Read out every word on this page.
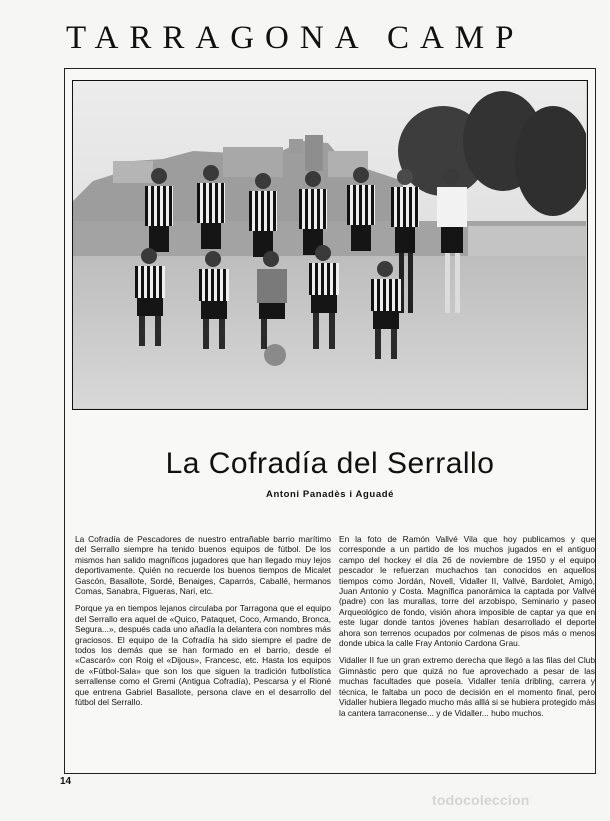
TARRAGONA CAMP
La Cofradía del Serrallo
Antoni Panadès i Aguadé

La Cofradía de Pescadores de nuestro entrañable barrio marítimo del Serrallo siempre ha tenido buenos equipos de fútbol. De los mismos han salido magníficos jugadores que han llegado muy lejos deportivamente. Quién no recuerde los buenos tiempos de Micalet Gascón, Basallote, Sordé, Benaiges, Caparrós, Caballé, hermanos Comas, Sanabra, Figueras, Nari, etc.

Porque ya en tiempos lejanos circulaba por Tarragona que el equipo del Serrallo era aquel de «Quico, Pataquet, Coco, Armando, Bronca, Segura...», después cada uno añadía la delantera con nombres más graciosos. El equipo de la Cofradía ha sido siempre el padre de todos los demás que se han formado en el barrio, desde el «Cascaró» con Roig el «Dijous», Francesc, etc. Hasta los equipos de «Fútbol-Sala» que son los que siguen la tradición futbolística serrallense como el Gremi (Antigua Cofradía), Pescarsa y el Rioné que entrena Gabriel Basallote, persona clave en el desarrollo del fútbol del Serrallo.

En la foto de Ramón Vallvé Vila que hoy publicamos y que corresponde a un partido de los muchos jugados en el antiguo campo del hockey el día 26 de noviembre de 1950 y el equipo pescador le refuerzan muchachos tan conocidos en aquellos tiempos como Jordán, Novell, Vidaller II, Vallvé, Bardolet, Amigó, Juan Antonio y Costa. Magnífica panorámica la captada por Vallvé (padre) con las murallas, torre del arzobispo, Seminario y paseo Arqueológico de fondo, visión ahora imposible de captar ya que en este lugar donde tantos jóvenes habían desarrollado el deporte ahora son terrenos ocupados por colmenas de pisos más o menos donde ubica la calle Fray Antonio Cardona Grau.

Vidaller II fue un gran extremo derecha que llegó a las filas del Club Gimnàstic pero que quizá no fue aprovechado a pesar de las muchas facultades que poseía. Vidaller tenía dribling, carrera y técnica, le faltaba un poco de decisión en el momento final, pero Vidaller hubiera llegado mucho más alllá si se hubiera protegido más la cantera tarraconense... y de Vidaller... hubo muchos.

14
todocoleccion
